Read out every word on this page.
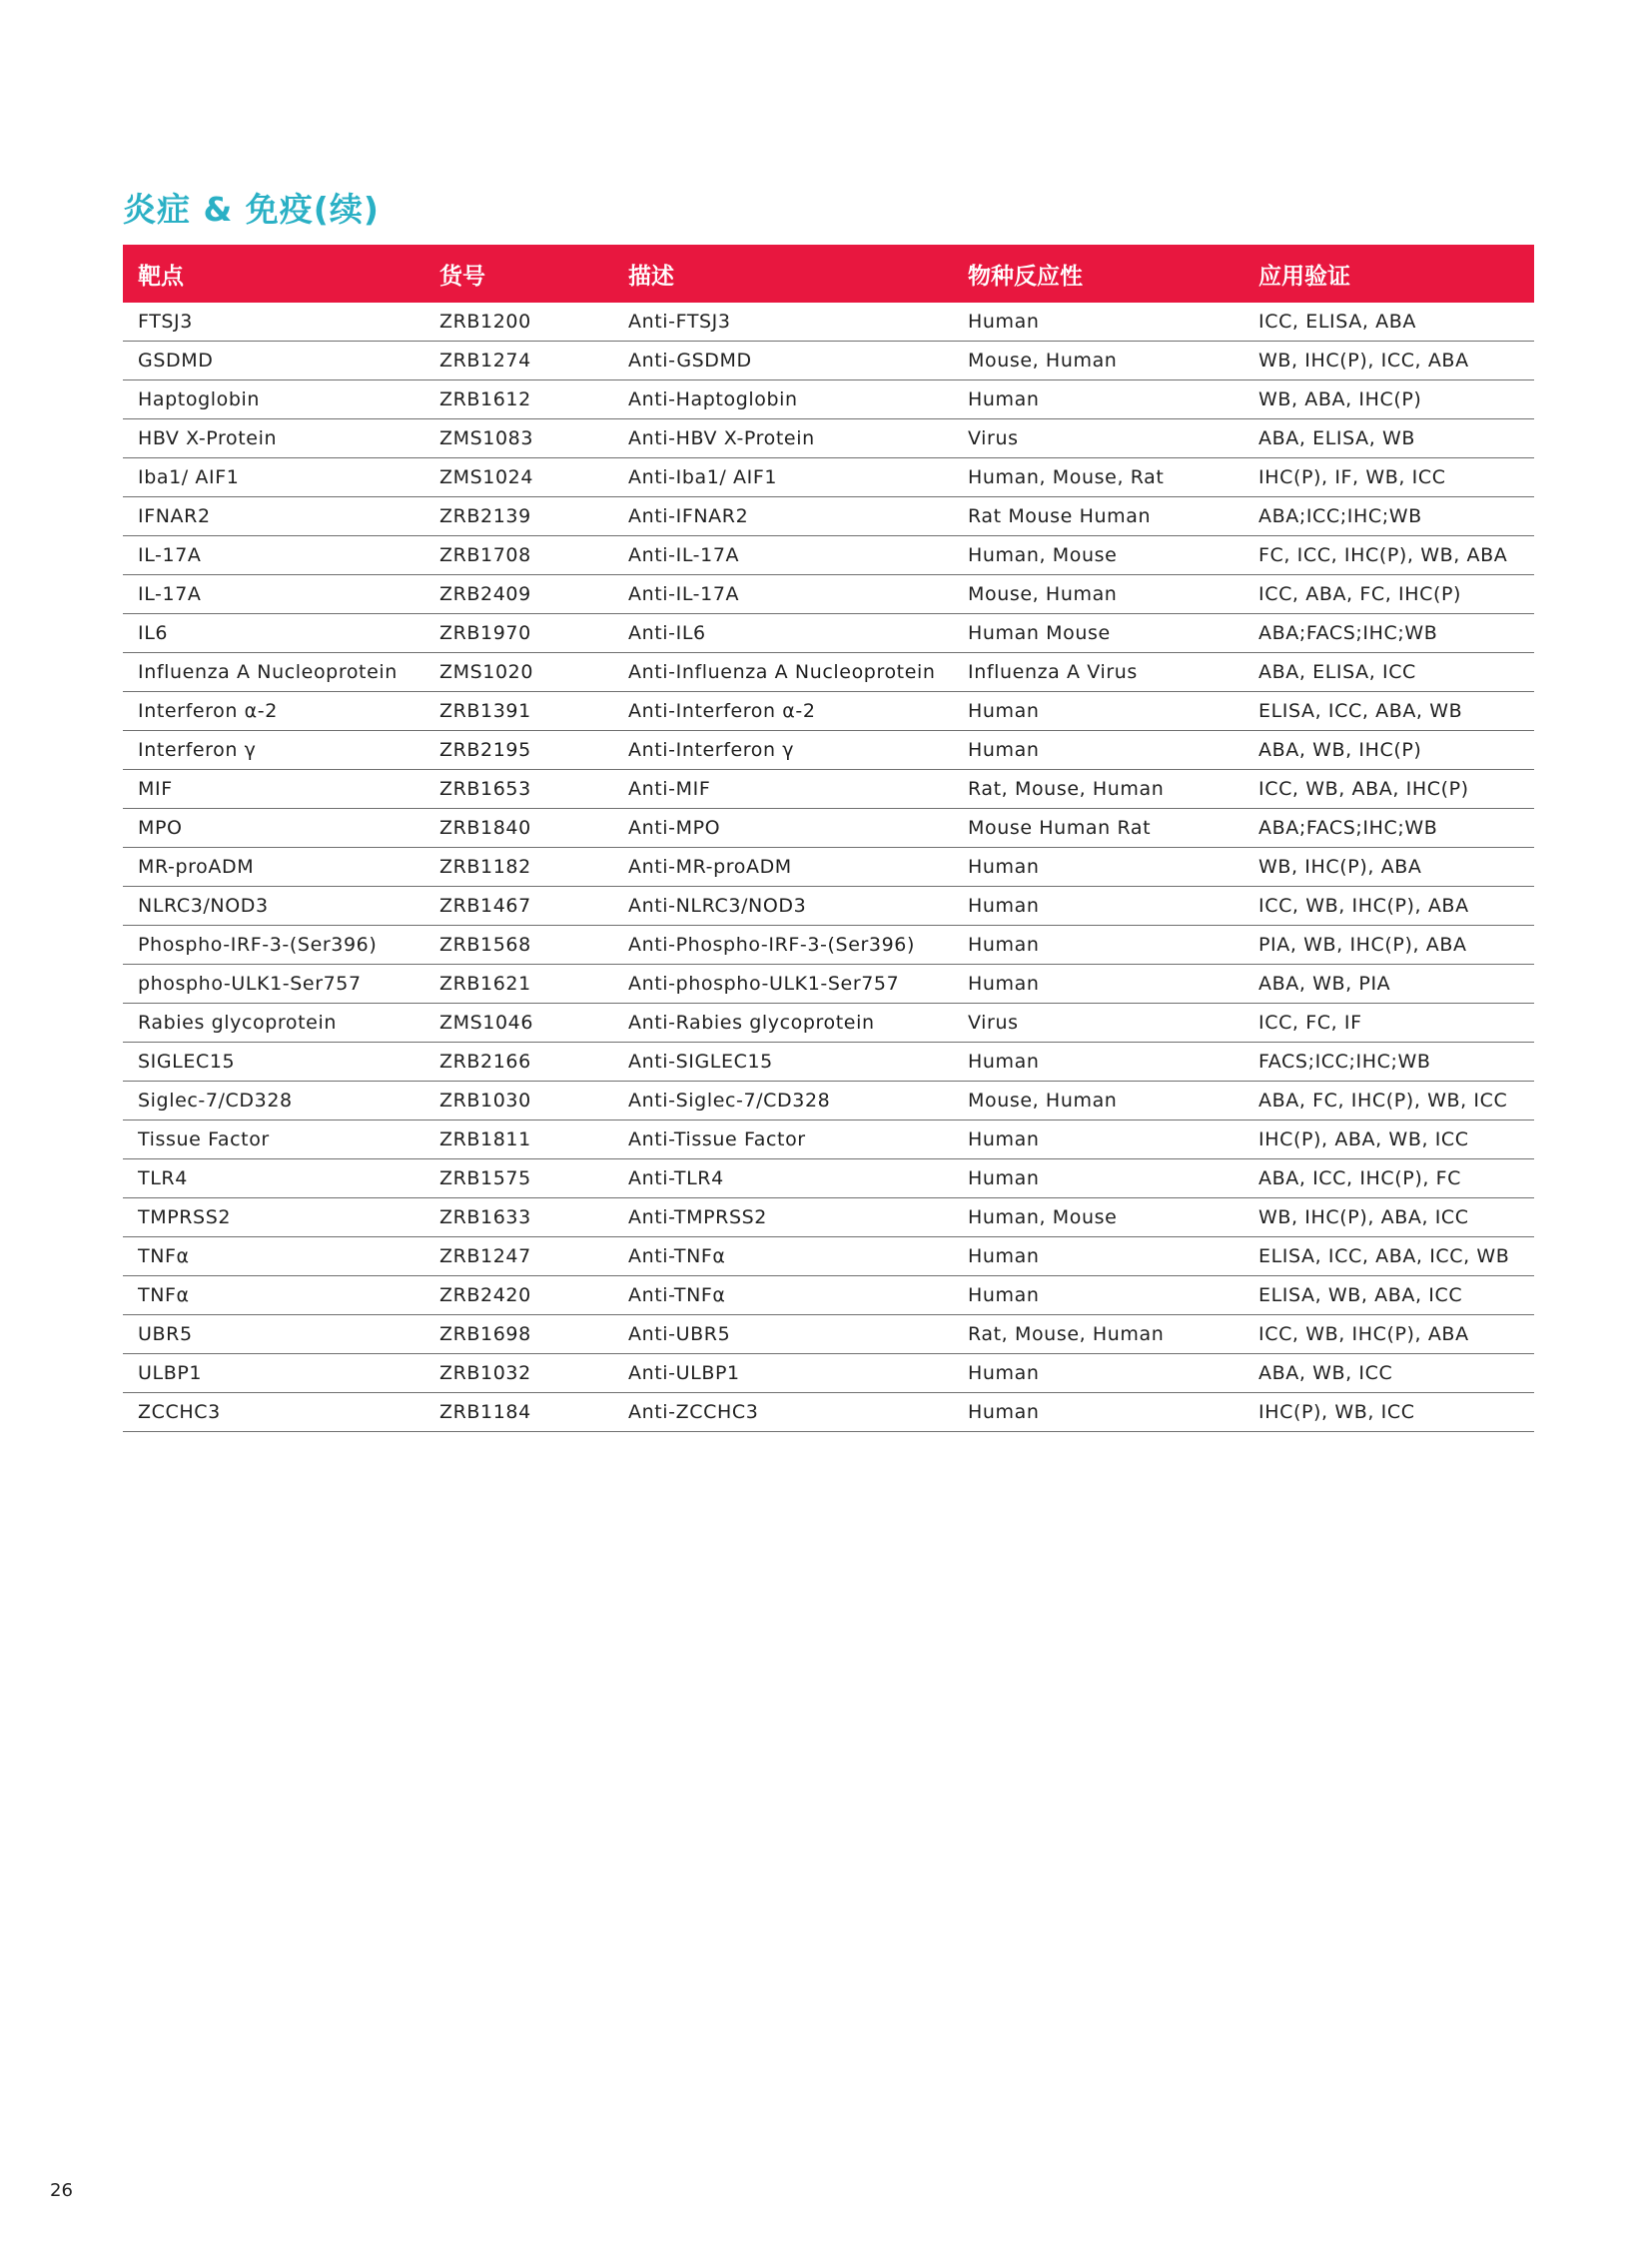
炎症 & 免疫(续)
靶点	货号	描述	物种反应性	应用验证
FTSJ3	ZRB1200	Anti-FTSJ3	Human	ICC, ELISA, ABA
GSDMD	ZRB1274	Anti-GSDMD	Mouse, Human	WB, IHC(P), ICC, ABA
Haptoglobin	ZRB1612	Anti-Haptoglobin	Human	WB, ABA, IHC(P)
HBV X-Protein	ZMS1083	Anti-HBV X-Protein	Virus	ABA, ELISA, WB
Iba1/ AIF1	ZMS1024	Anti-Iba1/ AIF1	Human, Mouse, Rat	IHC(P), IF, WB, ICC
IFNAR2	ZRB2139	Anti-IFNAR2	Rat Mouse Human	ABA;ICC;IHC;WB
IL-17A	ZRB1708	Anti-IL-17A	Human, Mouse	FC, ICC, IHC(P), WB, ABA
IL-17A	ZRB2409	Anti-IL-17A	Mouse, Human	ICC, ABA, FC, IHC(P)
IL6	ZRB1970	Anti-IL6	Human Mouse	ABA;FACS;IHC;WB
Influenza A Nucleoprotein	ZMS1020	Anti-Influenza A Nucleoprotein	Influenza A Virus	ABA, ELISA, ICC
Interferon α-2	ZRB1391	Anti-Interferon α-2	Human	ELISA, ICC, ABA, WB
Interferon γ	ZRB2195	Anti-Interferon γ	Human	ABA, WB, IHC(P)
MIF	ZRB1653	Anti-MIF	Rat, Mouse, Human	ICC, WB, ABA, IHC(P)
MPO	ZRB1840	Anti-MPO	Mouse Human Rat	ABA;FACS;IHC;WB
MR-proADM	ZRB1182	Anti-MR-proADM	Human	WB, IHC(P), ABA
NLRC3/NOD3	ZRB1467	Anti-NLRC3/NOD3	Human	ICC, WB, IHC(P), ABA
Phospho-IRF-3-(Ser396)	ZRB1568	Anti-Phospho-IRF-3-(Ser396)	Human	PIA, WB, IHC(P), ABA
phospho-ULK1-Ser757	ZRB1621	Anti-phospho-ULK1-Ser757	Human	ABA, WB, PIA
Rabies glycoprotein	ZMS1046	Anti-Rabies glycoprotein	Virus	ICC, FC, IF
SIGLEC15	ZRB2166	Anti-SIGLEC15	Human	FACS;ICC;IHC;WB
Siglec-7/CD328	ZRB1030	Anti-Siglec-7/CD328	Mouse, Human	ABA, FC, IHC(P), WB, ICC
Tissue Factor	ZRB1811	Anti-Tissue Factor	Human	IHC(P), ABA, WB, ICC
TLR4	ZRB1575	Anti-TLR4	Human	ABA, ICC, IHC(P), FC
TMPRSS2	ZRB1633	Anti-TMPRSS2	Human, Mouse	WB, IHC(P), ABA, ICC
TNFα	ZRB1247	Anti-TNFα	Human	ELISA, ICC, ABA, ICC, WB
TNFα	ZRB2420	Anti-TNFα	Human	ELISA, WB, ABA, ICC
UBR5	ZRB1698	Anti-UBR5	Rat, Mouse, Human	ICC, WB, IHC(P), ABA
ULBP1	ZRB1032	Anti-ULBP1	Human	ABA, WB, ICC
ZCCHC3	ZRB1184	Anti-ZCCHC3	Human	IHC(P), WB, ICC
26
